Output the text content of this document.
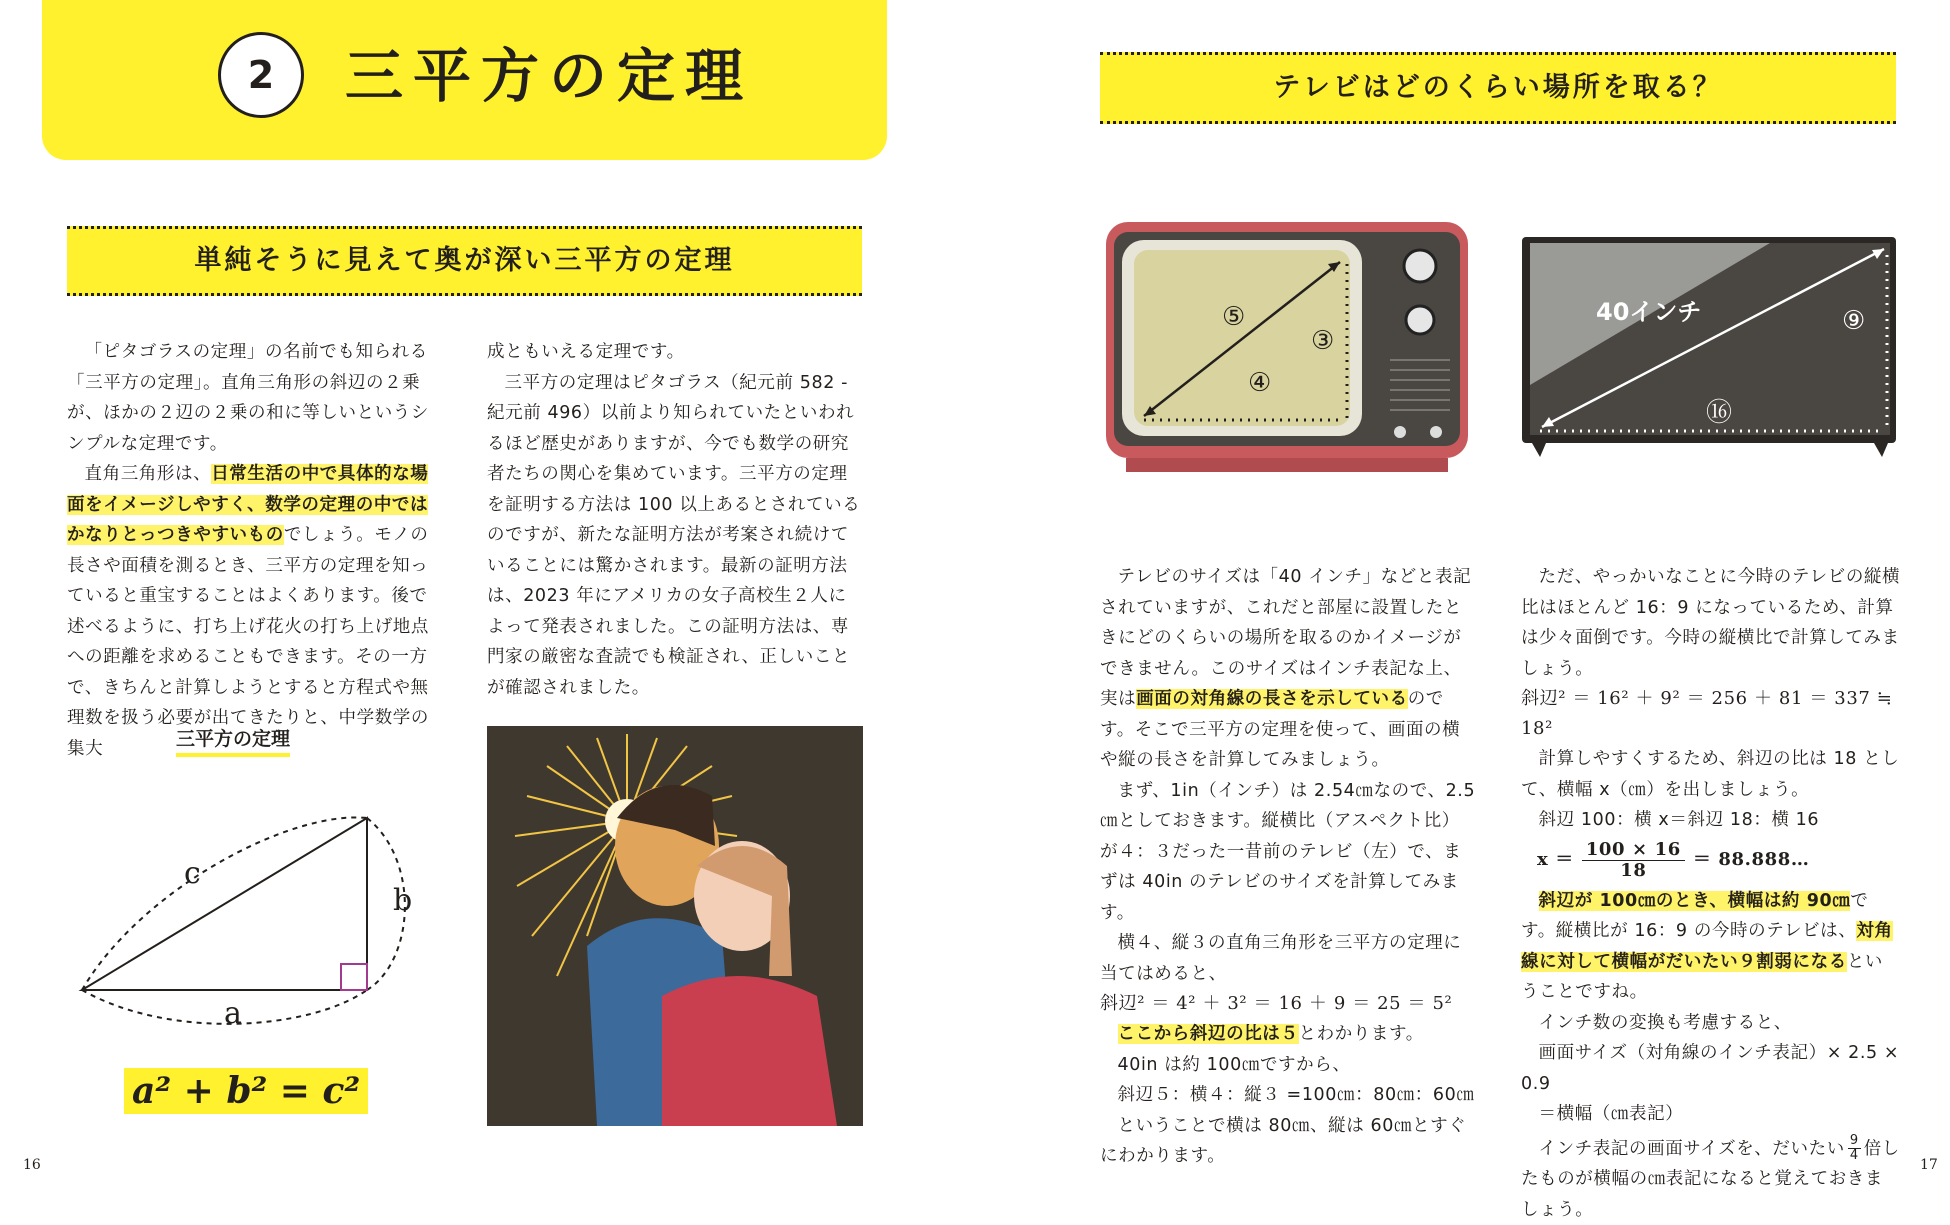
2	三平方の定理
単純そうに見えて奥が深い三平方の定理

「ピタゴラスの定理」の名前でも知られる「三平方の定理」。直角三角形の斜辺の２乗が、ほかの２辺の２乗の和に等しいというシンプルな定理です。

直角三角形は、日常生活の中で具体的な場面をイメージしやすく、数学の定理の中ではかなりとっつきやすいものでしょう。モノの長さや面積を測るとき、三平方の定理を知っていると重宝することはよくあります。後で述べるように、打ち上げ花火の打ち上げ地点への距離を求めることもできます。その一方で、きちんと計算しようとすると方程式や無理数を扱う必要が出てきたりと、中学数学の集大

成ともいえる定理です。

三平方の定理はピタゴラス（紀元前 582 - 紀元前 496）以前より知られていたといわれるほど歴史がありますが、今でも数学の研究者たちの関心を集めています。三平方の定理を証明する方法は 100 以上あるとされているのですが、新たな証明方法が考案され続けていることには驚かされます。最新の証明方法は、2023 年にアメリカの女子高校生２人によって発表されました。この証明方法は、専門家の厳密な査読でも検証され、正しいことが確認されました。

三平方の定理
c
b
a
a² + b² = c²
16
テレビはどのくらい場所を取る？
⑤
③
④
40インチ	⑨
⑯

テレビのサイズは「40 インチ」などと表記されていますが、これだと部屋に設置したときにどのくらいの場所を取るのかイメージができません。このサイズはインチ表記な上、実は画面の対角線の長さを示しているのです。そこで三平方の定理を使って、画面の横や縦の長さを計算してみましょう。

まず、1in（インチ）は 2.54㎝なので、2.5㎝としておきます。縦横比（アスペクト比）が４：３だった一昔前のテレビ（左）で、まずは 40in のテレビのサイズを計算してみます。

横４、縦３の直角三角形を三平方の定理に当てはめると、

斜辺² ＝ 4² ＋ 3² ＝ 16 ＋ 9 ＝ 25 ＝ 5²

ここから斜辺の比は５とわかります。

40in は約 100㎝ですから、

斜辺５：横４：縦３ =100㎝：80㎝：60㎝

ということで横は 80㎝、縦は 60㎝とすぐにわかります。

ただ、やっかいなことに今時のテレビの縦横比はほとんど 16：9 になっているため、計算は少々面倒です。今時の縦横比で計算してみましょう。

斜辺² ＝ 16² ＋ 9² ＝ 256 ＋ 81 ＝ 337 ≒ 18²

計算しやすくするため、斜辺の比は 18 として、横幅 x（㎝）を出しましょう。

斜辺 100：横 x＝斜辺 18：横 16

$x = \frac{100 \times 16}{18}$ ＝ 88.888…

斜辺が 100㎝のとき、横幅は約 90㎝です。縦横比が 16：9 の今時のテレビは、対角線に対して横幅がだいたい９割弱になるということですね。

インチ数の変換も考慮すると、

画面サイズ（対角線のインチ表記）× 2.5 × 0.9

＝横幅（㎝表記）

インチ表記の画面サイズを、だいたい $\frac{9}{4}$ 倍したものが横幅の㎝表記になると覚えておきましょう。

17
